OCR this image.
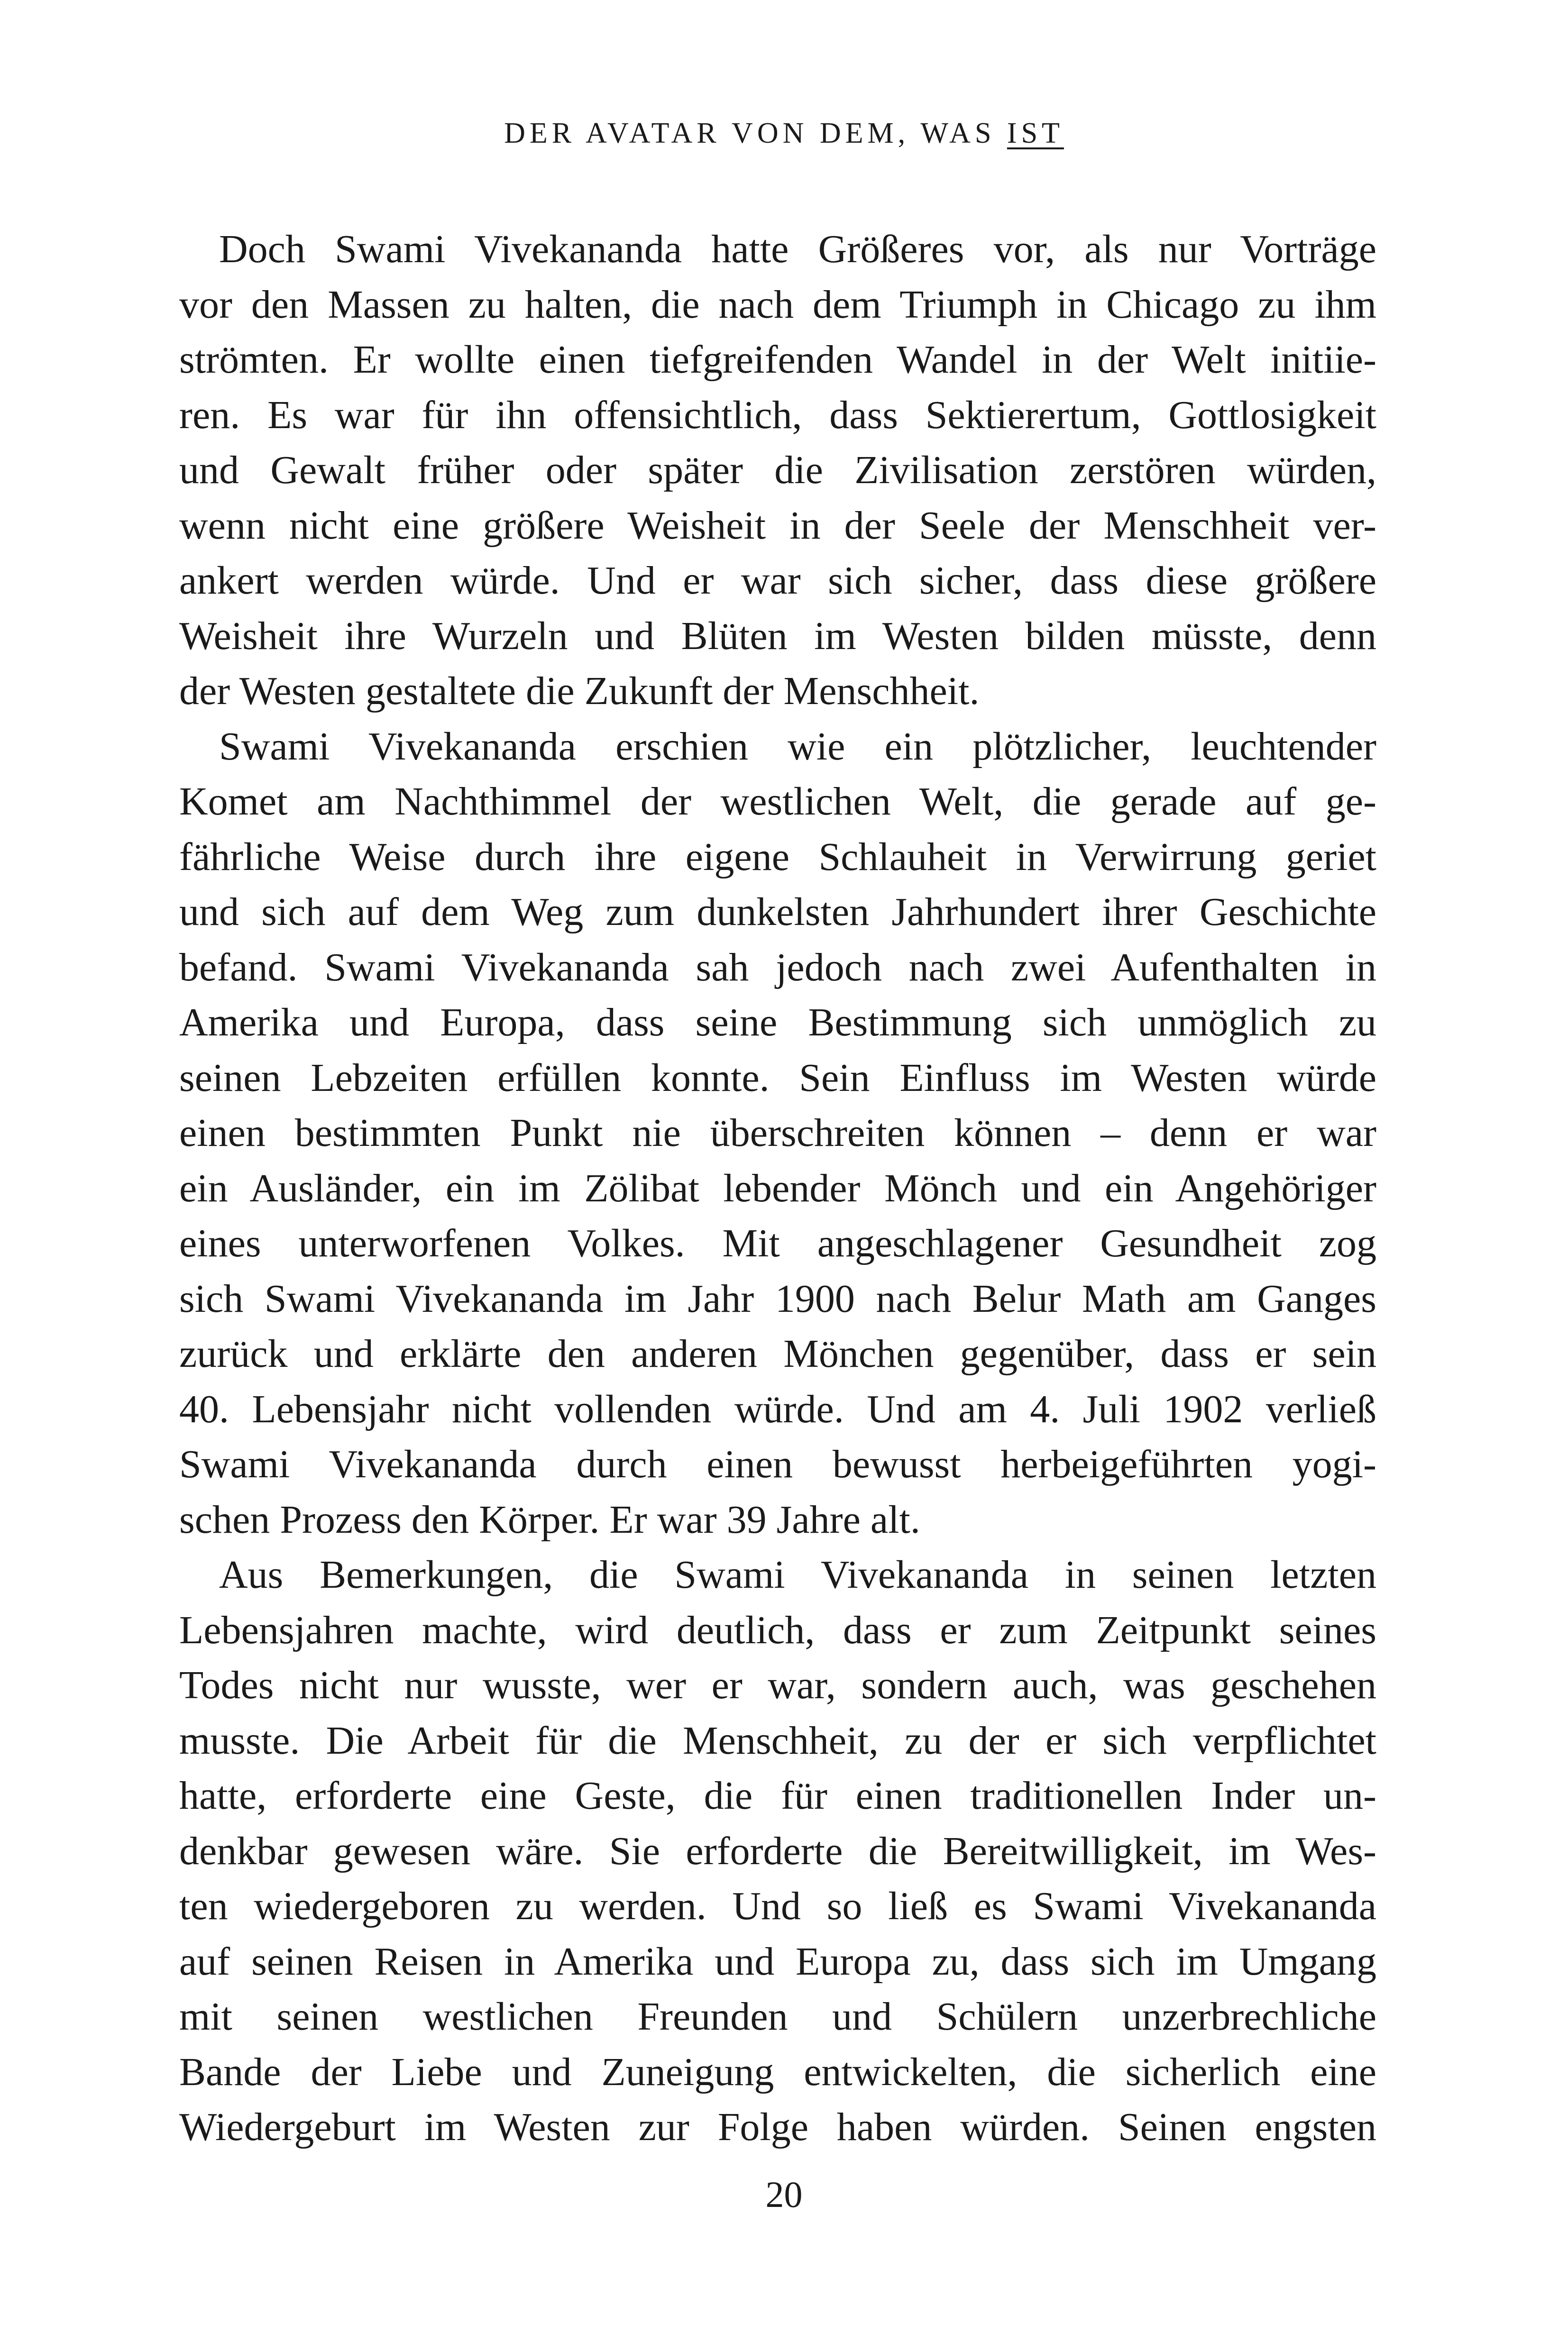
DER AVATAR VON DEM, WAS IST
Doch Swami Vivekananda hatte Größeres vor, als nur Vorträge
vor den Massen zu halten, die nach dem Triumph in Chicago zu ihm
strömten. Er wollte einen tiefgreifenden Wandel in der Welt initiie-
ren. Es war für ihn offensichtlich, dass Sektierertum, Gottlosigkeit
und Gewalt früher oder später die Zivilisation zerstören würden,
wenn nicht eine größere Weisheit in der Seele der Menschheit ver-
ankert werden würde. Und er war sich sicher, dass diese größere
Weisheit ihre Wurzeln und Blüten im Westen bilden müsste, denn
der Westen gestaltete die Zukunft der Menschheit.
Swami Vivekananda erschien wie ein plötzlicher, leuchtender
Komet am Nachthimmel der westlichen Welt, die gerade auf ge-
fährliche Weise durch ihre eigene Schlauheit in Verwirrung geriet
und sich auf dem Weg zum dunkelsten Jahrhundert ihrer Geschichte
befand. Swami Vivekananda sah jedoch nach zwei Aufenthalten in
Amerika und Europa, dass seine Bestimmung sich unmöglich zu
seinen Lebzeiten erfüllen konnte. Sein Einfluss im Westen würde
einen bestimmten Punkt nie überschreiten können – denn er war
ein Ausländer, ein im Zölibat lebender Mönch und ein Angehöriger
eines unterworfenen Volkes. Mit angeschlagener Gesundheit zog
sich Swami Vivekananda im Jahr 1900 nach Belur Math am Ganges
zurück und erklärte den anderen Mönchen gegenüber, dass er sein
40. Lebensjahr nicht vollenden würde. Und am 4. Juli 1902 verließ
Swami Vivekananda durch einen bewusst herbeigeführten yogi-
schen Prozess den Körper. Er war 39 Jahre alt.
Aus Bemerkungen, die Swami Vivekananda in seinen letzten
Lebensjahren machte, wird deutlich, dass er zum Zeitpunkt seines
Todes nicht nur wusste, wer er war, sondern auch, was geschehen
musste. Die Arbeit für die Menschheit, zu der er sich verpflichtet
hatte, erforderte eine Geste, die für einen traditionellen Inder un-
denkbar gewesen wäre. Sie erforderte die Bereitwilligkeit, im Wes-
ten wiedergeboren zu werden. Und so ließ es Swami Vivekananda
auf seinen Reisen in Amerika und Europa zu, dass sich im Umgang
mit seinen westlichen Freunden und Schülern unzerbrechliche
Bande der Liebe und Zuneigung entwickelten, die sicherlich eine
Wiedergeburt im Westen zur Folge haben würden. Seinen engsten
20
